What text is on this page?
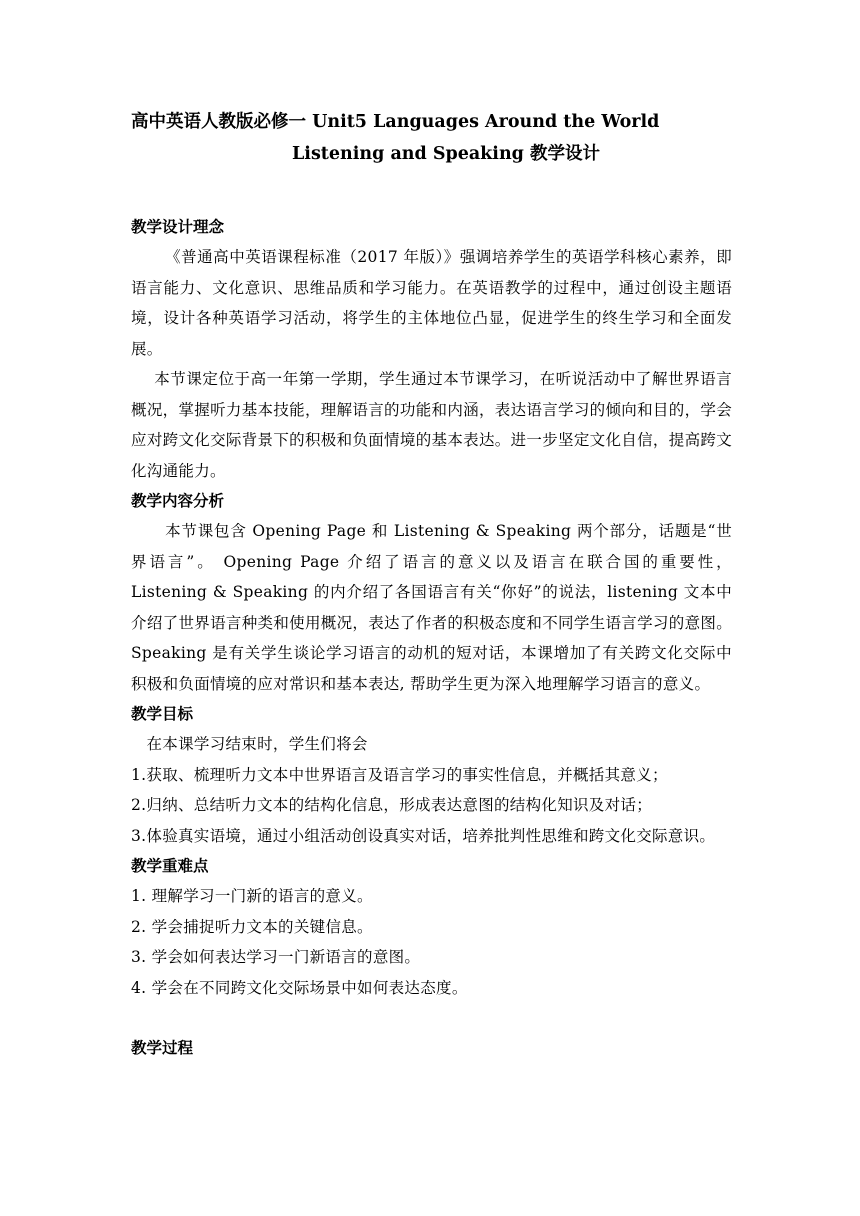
高中英语人教版必修一 Unit5 Languages Around the World

Listening and Speaking 教学设计

教学设计理念

《普通高中英语课程标准（2017 年版）》强调培养学生的英语学科核心素养，即语言能力、文化意识、思维品质和学习能力。在英语教学的过程中，通过创设主题语境，设计各种英语学习活动，将学生的主体地位凸显，促进学生的终生学习和全面发展。

本节课定位于高一年第一学期，学生通过本节课学习，在听说活动中了解世界语言概况，掌握听力基本技能，理解语言的功能和内涵，表达语言学习的倾向和目的，学会应对跨文化交际背景下的积极和负面情境的基本表达。进一步坚定文化自信，提高跨文化沟通能力。

教学内容分析

本节课包含 Opening Page 和 Listening & Speaking 两个部分，话题是“世界语言”。 Opening Page 介绍了语言的意义以及语言在联合国的重要性，Listening & Speaking 的内介绍了各国语言有关“你好”的说法，listening 文本中介绍了世界语言种类和使用概况，表达了作者的积极态度和不同学生语言学习的意图。Speaking 是有关学生谈论学习语言的动机的短对话，本课增加了有关跨文化交际中积极和负面情境的应对常识和基本表达, 帮助学生更为深入地理解学习语言的意义。

教学目标

在本课学习结束时，学生们将会

1.获取、梳理听力文本中世界语言及语言学习的事实性信息，并概括其意义；

2.归纳、总结听力文本的结构化信息，形成表达意图的结构化知识及对话；

3.体验真实语境，通过小组活动创设真实对话，培养批判性思维和跨文化交际意识。

教学重难点

1. 理解学习一门新的语言的意义。

2. 学会捕捉听力文本的关键信息。

3. 学会如何表达学习一门新语言的意图。

4. 学会在不同跨文化交际场景中如何表达态度。

教学过程
